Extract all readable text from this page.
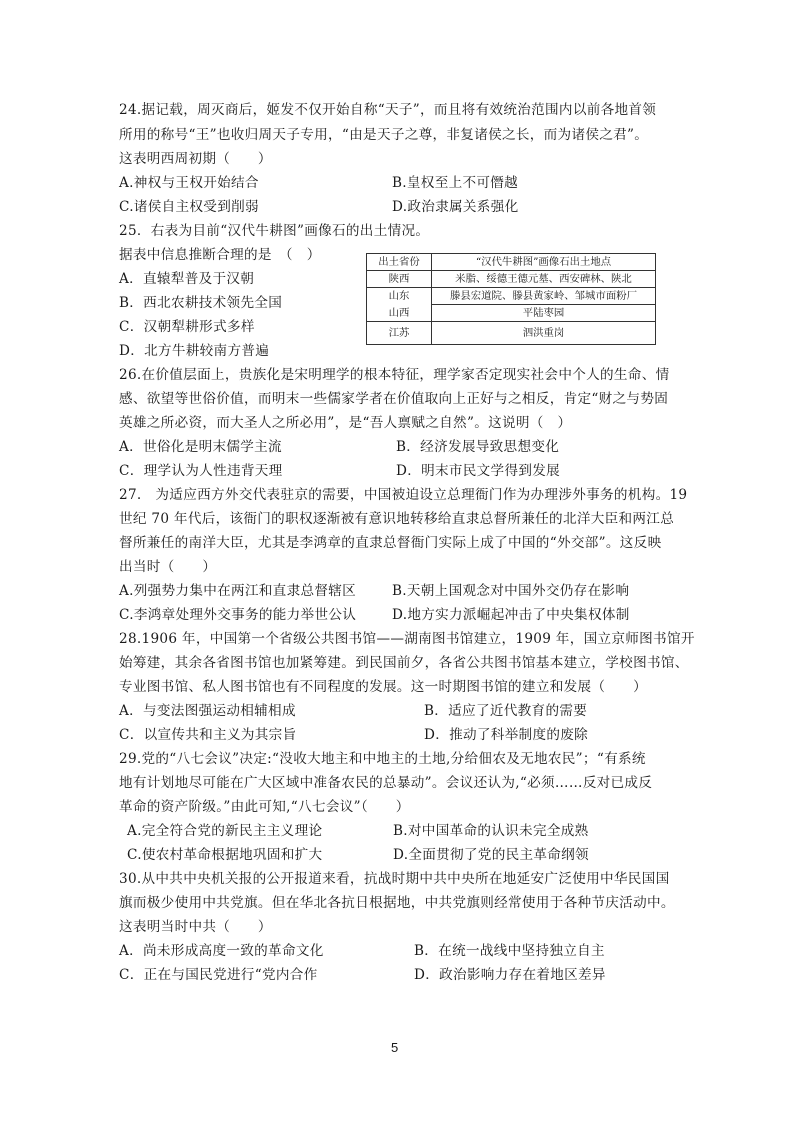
24.据记载，周灭商后，姬发不仅开始自称“天子”，而且将有效统治范围内以前各地首领
所用的称号“王”也收归周天子专用，“由是天子之尊，非复诸侯之长，而为诸侯之君”。
这表明西周初期（　　）
A.神权与王权开始结合	B.皇权至上不可僭越
C.诸侯自主权受到削弱	D.政治隶属关系强化
25．右表为目前“汉代牛耕图”画像石的出土情况。
据表中信息推断合理的是　（　）
A．直辕犁普及于汉朝
B．西北农耕技术领先全国
C．汉朝犁耕形式多样
D．北方牛耕较南方普遍
出土省份	“汉代牛耕图”画像石出土地点
陕西	米脂、绥德王德元墓、西安碑林、陕北
山东	滕县宏道院、滕县黄家岭、邹城市面粉厂
山西	平陆枣园
江苏	泗洪重岗
26.在价值层面上，贵族化是宋明理学的根本特征，理学家否定现实社会中个人的生命、情
感、欲望等世俗价值，而明末一些儒家学者在价值取向上正好与之相反，肯定“财之与势固
英雄之所必资，而大圣人之所必用”，是“吾人禀赋之自然”。这说明（　）
A．世俗化是明末儒学主流	B．经济发展导致思想变化
C．理学认为人性违背天理	D．明末市民文学得到发展
27.　为适应西方外交代表驻京的需要，中国被迫设立总理衙门作为办理涉外事务的机构。19
世纪 70 年代后，该衙门的职权逐渐被有意识地转移给直隶总督所兼任的北洋大臣和两江总
督所兼任的南洋大臣，尤其是李鸿章的直隶总督衙门实际上成了中国的“外交部”。这反映
出当时（　　）
A.列强势力集中在两江和直隶总督辖区	B.天朝上国观念对中国外交仍存在影响
C.李鸿章处理外交事务的能力举世公认	D.地方实力派崛起冲击了中央集权体制
28.1906 年，中国第一个省级公共图书馆——湖南图书馆建立，1909 年，国立京师图书馆开
始筹建，其余各省图书馆也加紧筹建。到民国前夕，各省公共图书馆基本建立，学校图书馆、
专业图书馆、私人图书馆也有不同程度的发展。这一时期图书馆的建立和发展（　　）
A．与变法图强运动相辅相成	B．适应了近代教育的需要
C．以宣传共和主义为其宗旨	D．推动了科举制度的废除
29.党的“八七会议”决定:“没收大地主和中地主的土地,分给佃农及无地农民”；“有系统
地有计划地尽可能在广大区域中准备农民的总暴动”。会议还认为,“必须……反对已成反
革命的资产阶级。”由此可知,“八七会议”（　　）
A.完全符合党的新民主主义理论	B.对中国革命的认识未完全成熟
C.使农村革命根据地巩固和扩大	D.全面贯彻了党的民主革命纲领
30.从中共中央机关报的公开报道来看，抗战时期中共中央所在地延安广泛使用中华民国国
旗而极少使用中共党旗。但在华北各抗日根据地，中共党旗则经常使用于各种节庆活动中。
这表明当时中共（　　）
A．尚未形成高度一致的革命文化	B．在统一战线中坚持独立自主
C．正在与国民党进行“党内合作	D．政治影响力存在着地区差异
5
